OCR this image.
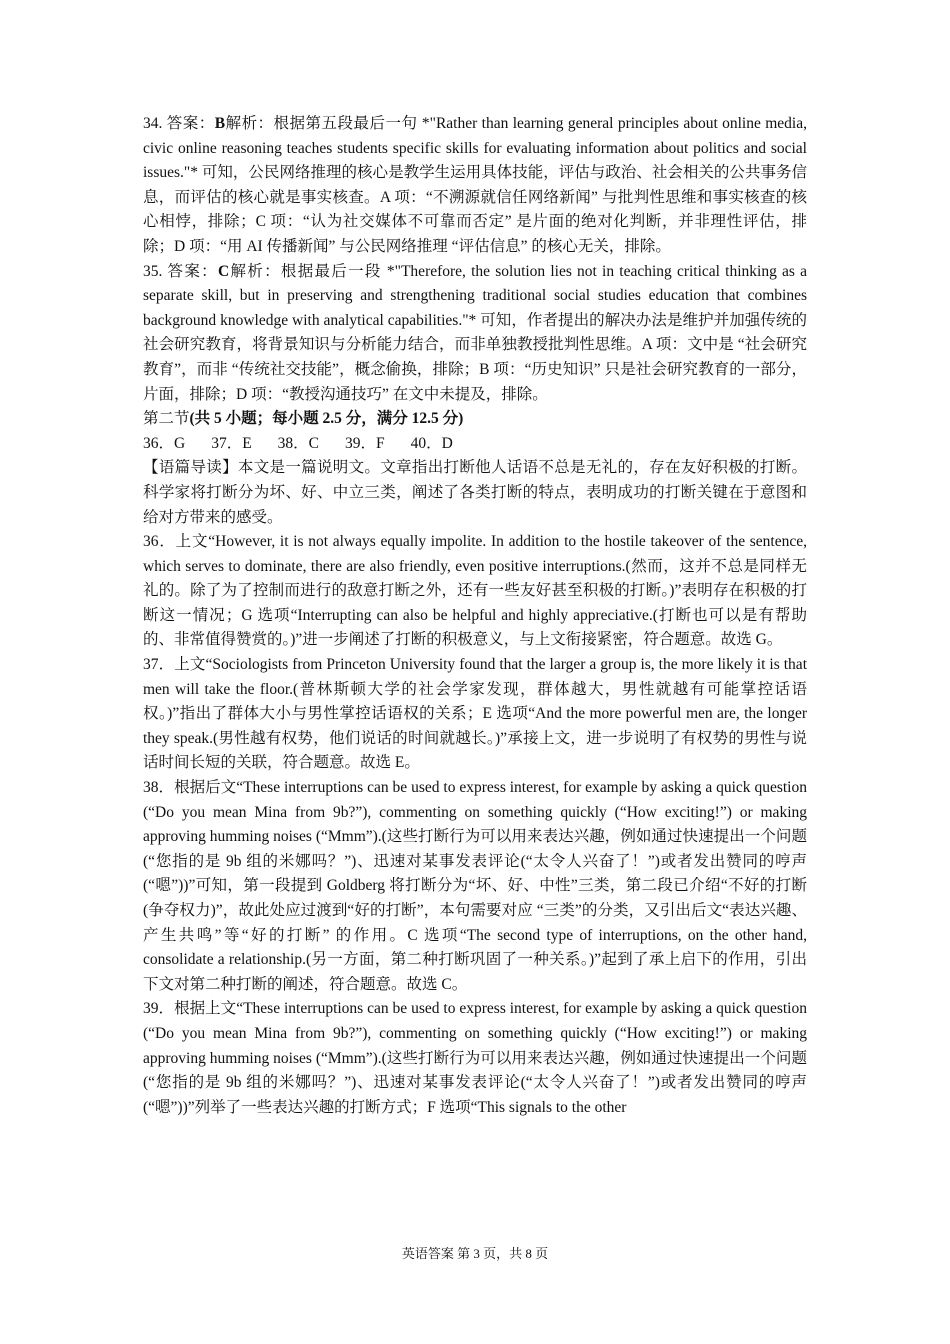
34. 答案：B解析：根据第五段最后一句 *"Rather than learning general principles about online media, civic online reasoning teaches students specific skills for evaluating information about politics and social issues."* 可知，公民网络推理的核心是教学生运用具体技能，评估与政治、社会相关的公共事务信息，而评估的核心就是事实核查。A 项：“不溯源就信任网络新闻” 与批判性思维和事实核查的核心相悖，排除；C 项：“认为社交媒体不可靠而否定” 是片面的绝对化判断，并非理性评估，排除；D 项：“用 AI 传播新闻” 与公民网络推理 “评估信息” 的核心无关，排除。

35. 答案：C解析：根据最后一段 *"Therefore, the solution lies not in teaching critical thinking as a separate skill, but in preserving and strengthening traditional social studies education that combines background knowledge with analytical capabilities."* 可知，作者提出的解决办法是维护并加强传统的社会研究教育，将背景知识与分析能力结合，而非单独教授批判性思维。A 项：文中是 “社会研究教育”，而非 “传统社交技能”，概念偷换，排除；B 项：“历史知识” 只是社会研究教育的一部分，片面，排除；D 项：“教授沟通技巧” 在文中未提及，排除。

第二节(共 5 小题；每小题 2.5 分，满分 12.5 分)

36．G 37．E 38．C 39．F 40．D

【语篇导读】本文是一篇说明文。文章指出打断他人话语不总是无礼的，存在友好积极的打断。科学家将打断分为坏、好、中立三类，阐述了各类打断的特点，表明成功的打断关键在于意图和给对方带来的感受。

36．上文“However, it is not always equally impolite. In addition to the hostile takeover of the sentence, which serves to dominate, there are also friendly, even positive interruptions.(然而，这并不总是同样无礼的。除了为了控制而进行的敌意打断之外，还有一些友好甚至积极的打断。)”表明存在积极的打断这一情况；G 选项“Interrupting can also be helpful and highly appreciative.(打断也可以是有帮助的、非常值得赞赏的。)”进一步阐述了打断的积极意义，与上文衔接紧密，符合题意。故选 G。

37．上文“Sociologists from Princeton University found that the larger a group is, the more likely it is that men will take the floor.(普林斯顿大学的社会学家发现，群体越大，男性就越有可能掌控话语权。)”指出了群体大小与男性掌控话语权的关系；E 选项“And the more powerful men are, the longer they speak.(男性越有权势，他们说话的时间就越长。)”承接上文，进一步说明了有权势的男性与说话时间长短的关联，符合题意。故选 E。

38．根据后文“These interruptions can be used to express interest, for example by asking a quick question (“Do you mean Mina from 9b?”), commenting on something quickly (“How exciting!”) or making approving humming noises (“Mmm”).(这些打断行为可以用来表达兴趣，例如通过快速提出一个问题(“您指的是 9b 组的米娜吗？”)、迅速对某事发表评论(“太令人兴奋了！”)或者发出赞同的哼声(“嗯”))”可知，第一段提到 Goldberg 将打断分为“坏、好、中性”三类，第二段已介绍“不好的打断(争夺权力)”，故此处应过渡到“好的打断”，本句需要对应 “三类”的分类，又引出后文“表达兴趣、产生共鸣”等“好的打断” 的作用。C 选项“The second type of interruptions, on the other hand, consolidate a relationship.(另一方面，第二种打断巩固了一种关系。)”起到了承上启下的作用，引出下文对第二种打断的阐述，符合题意。故选 C。

39．根据上文“These interruptions can be used to express interest, for example by asking a quick question (“Do you mean Mina from 9b?”), commenting on something quickly (“How exciting!”) or making approving humming noises (“Mmm”).(这些打断行为可以用来表达兴趣，例如通过快速提出一个问题(“您指的是 9b 组的米娜吗？”)、迅速对某事发表评论(“太令人兴奋了！”)或者发出赞同的哼声(“嗯”))”列举了一些表达兴趣的打断方式；F 选项“This signals to the other

英语答案 第 3 页，共 8 页
